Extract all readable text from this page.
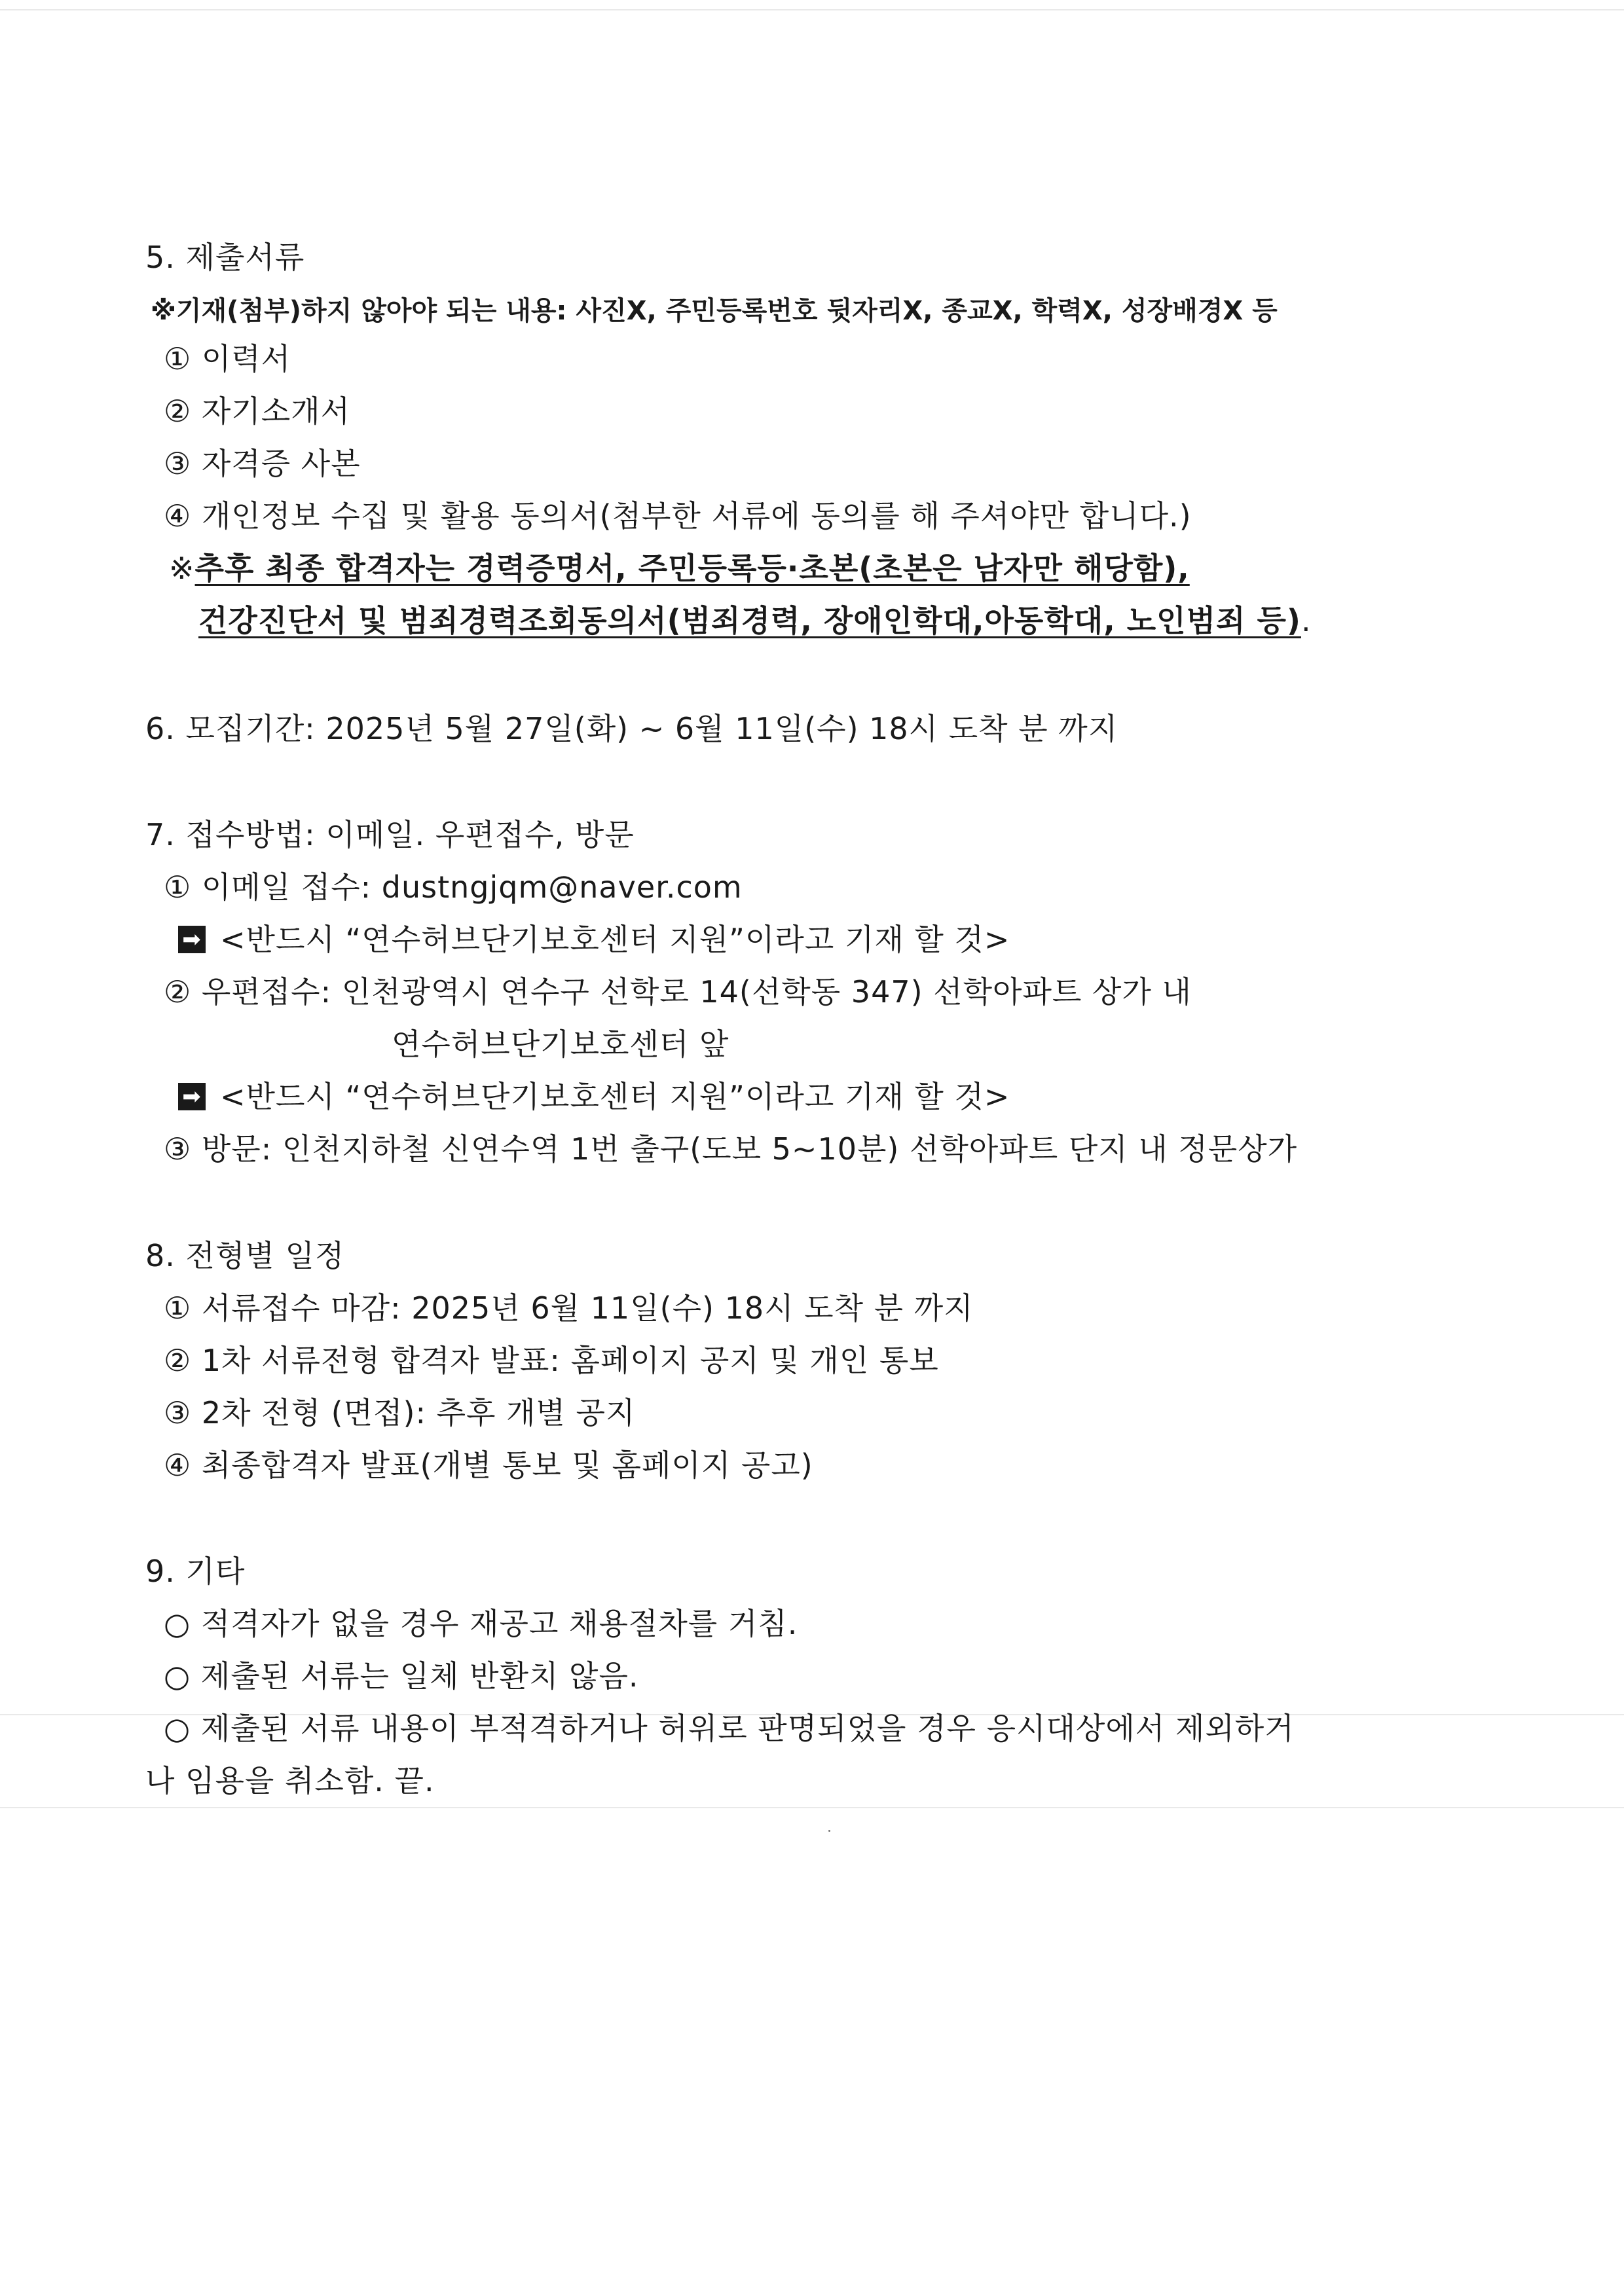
5. 제출서류
※기재(첨부)하지 않아야 되는 내용: 사진X, 주민등록번호 뒷자리X, 종교X, 학력X, 성장배경X 등
① 이력서
② 자기소개서
③ 자격증 사본
④ 개인정보 수집 및 활용 동의서(첨부한 서류에 동의를 해 주셔야만 합니다.)
※추후 최종 합격자는 경력증명서, 주민등록등·초본(초본은 남자만 해당함),
건강진단서 및 범죄경력조회동의서(범죄경력, 장애인학대,아동학대, 노인범죄 등).
6. 모집기간: 2025년 5월 27일(화) ~ 6월 11일(수) 18시 도착 분 까지
7. 접수방법: 이메일. 우편접수, 방문
① 이메일 접수: dustngjqm@naver.com
➡ <반드시 “연수허브단기보호센터 지원”이라고 기재 할 것>
② 우편접수: 인천광역시 연수구 선학로 14(선학동 347) 선학아파트 상가 내
연수허브단기보호센터 앞
➡ <반드시 “연수허브단기보호센터 지원”이라고 기재 할 것>
③ 방문: 인천지하철 신연수역 1번 출구(도보 5~10분) 선학아파트 단지 내 정문상가
8. 전형별 일정
① 서류접수 마감: 2025년 6월 11일(수) 18시 도착 분 까지
② 1차 서류전형 합격자 발표: 홈페이지 공지 및 개인 통보
③ 2차 전형 (면접): 추후 개별 공지
④ 최종합격자 발표(개별 통보 및 홈페이지 공고)
9. 기타
○ 적격자가 없을 경우 재공고 채용절차를 거침.
○ 제출된 서류는 일체 반환치 않음.
○ 제출된 서류 내용이 부적격하거나 허위로 판명되었을 경우 응시대상에서 제외하거
나 임용을 취소함. 끝.
